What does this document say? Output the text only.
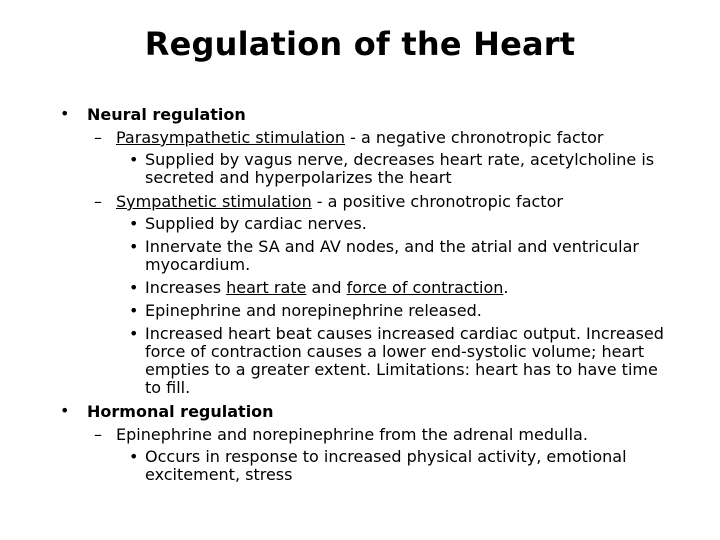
Regulation of the Heart
• Neural regulation
– Parasympathetic stimulation - a negative chronotropic factor
• Supplied by vagus nerve, decreases heart rate, acetylcholine is secreted and hyperpolarizes the heart
– Sympathetic stimulation - a positive chronotropic factor
• Supplied by cardiac nerves.
• Innervate the SA and AV nodes, and the atrial and ventricular myocardium.
• Increases heart rate and force of contraction.
• Epinephrine and norepinephrine released.
• Increased heart beat causes increased cardiac output. Increased force of contraction causes a lower end-systolic volume; heart empties to a greater extent. Limitations: heart has to have time to fill.
• Hormonal regulation
– Epinephrine and norepinephrine from the adrenal medulla.
• Occurs in response to increased physical activity, emotional excitement, stress
